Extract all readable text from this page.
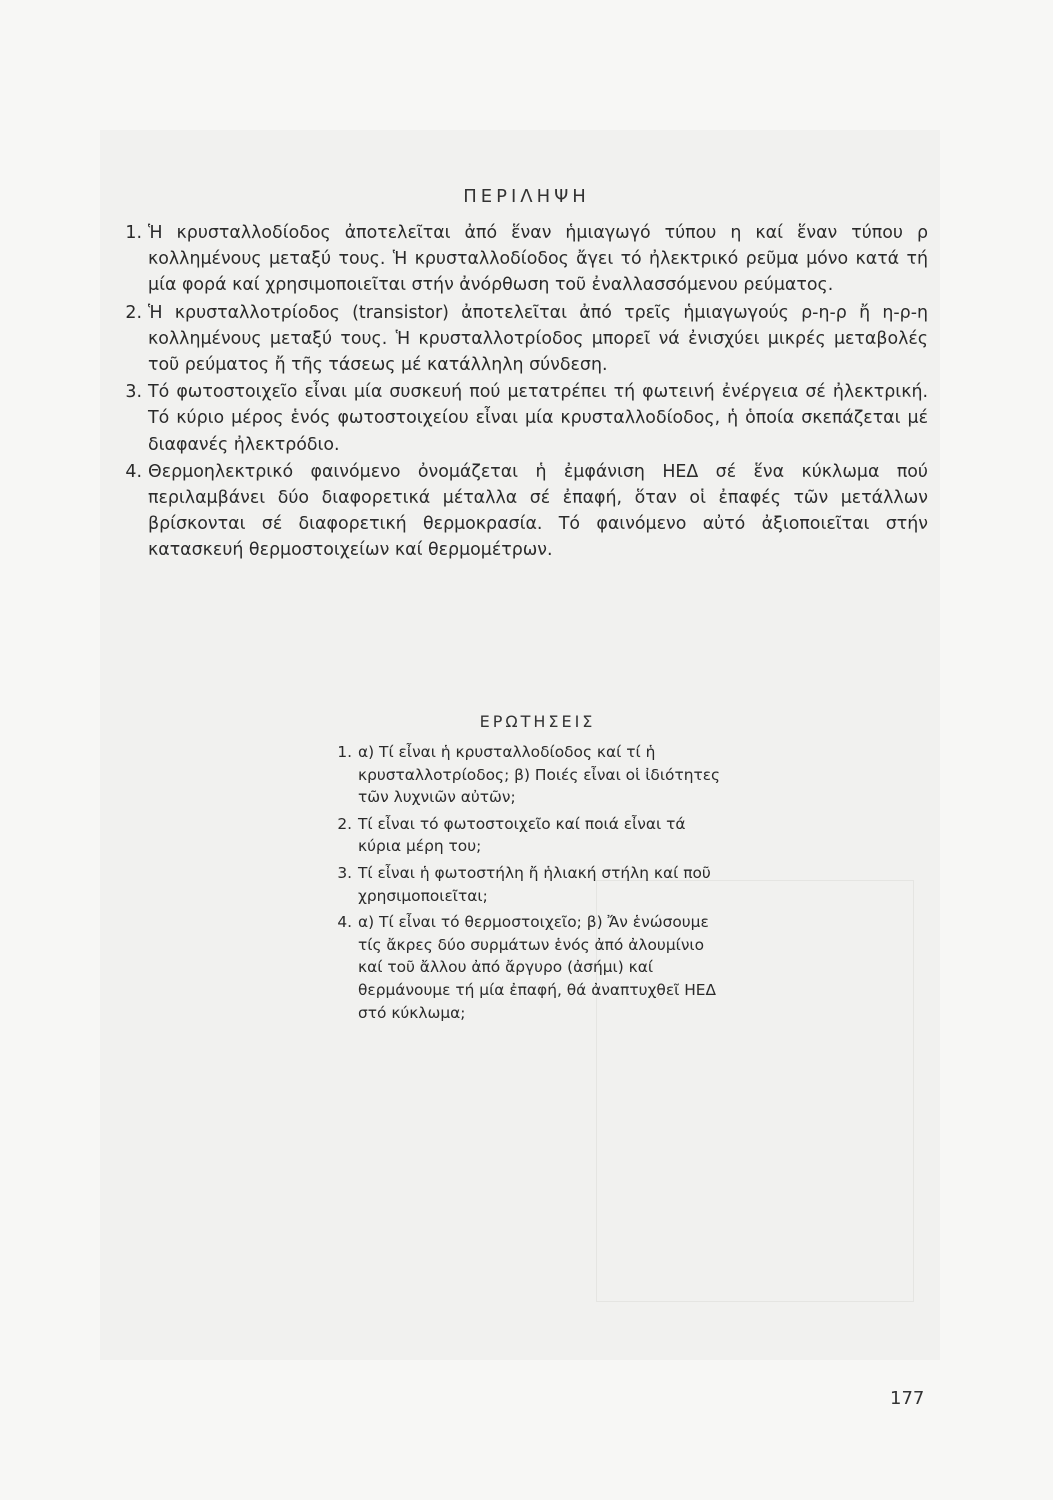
ΠΕΡΙΛΗΨΗ
1. Ἡ κρυσταλλοδίοδος ἀποτελεῖται ἀπό ἕναν ἡμιαγωγό τύπου η καί ἕναν τύπου ρ κολλημένους μεταξύ τους. Ἡ κρυσταλλοδίοδος ἄγει τό ἠλεκτρικό ρεῦμα μόνο κατά τή μία φορά καί χρησιμοποιεῖται στήν ἀνόρθωση τοῦ ἐναλλασσόμενου ρεύματος.
2. Ἡ κρυσταλλοτρίοδος (transistor) ἀποτελεῖται ἀπό τρεῖς ἡμιαγωγούς ρ-η-ρ ἤ η-ρ-η κολλημένους μεταξύ τους. Ἡ κρυσταλλοτρίοδος μπορεῖ νά ἐνισχύει μικρές μεταβολές τοῦ ρεύματος ἤ τῆς τάσεως μέ κατάλληλη σύνδεση.
3. Τό φωτοστοιχεῖο εἶναι μία συσκευή πού μετατρέπει τή φωτεινή ἐνέργεια σέ ἠλεκτρική. Τό κύριο μέρος ἑνός φωτοστοιχείου εἶναι μία κρυσταλλοδίοδος, ἡ ὁποία σκεπάζεται μέ διαφανές ἠλεκτρόδιο.
4. Θερμοηλεκτρικό φαινόμενο ὀνομάζεται ἡ ἐμφάνιση ΗΕΔ σέ ἕνα κύκλωμα πού περιλαμβάνει δύο διαφορετικά μέταλλα σέ ἐπαφή, ὅταν οἱ ἐπαφές τῶν μετάλλων βρίσκονται σέ διαφορετική θερμοκρασία. Τό φαινόμενο αὐτό ἀξιοποιεῖται στήν κατασκευή θερμοστοιχείων καί θερμομέτρων.
ΕΡΩΤΗΣΕΙΣ
1. α) Τί εἶναι ἡ κρυσταλλοδίοδος καί τί ἡ κρυσταλλοτρίοδος; β) Ποιές εἶναι οἱ ἰδιότητες τῶν λυχνιῶν αὐτῶν;
2. Τί εἶναι τό φωτοστοιχεῖο καί ποιά εἶναι τά κύρια μέρη του;
3. Τί εἶναι ἡ φωτοστήλη ἤ ἡλιακή στήλη καί ποῦ χρησιμοποιεῖται;
4. α) Τί εἶναι τό θερμοστοιχεῖο; β) Ἄν ἑνώσουμε τίς ἄκρες δύο συρμάτων ἑνός ἀπό ἀλουμίνιο καί τοῦ ἄλλου ἀπό ἄργυρο (ἀσήμι) καί θερμάνουμε τή μία ἐπαφή, θά ἀναπτυχθεῖ ΗΕΔ στό κύκλωμα;
177
